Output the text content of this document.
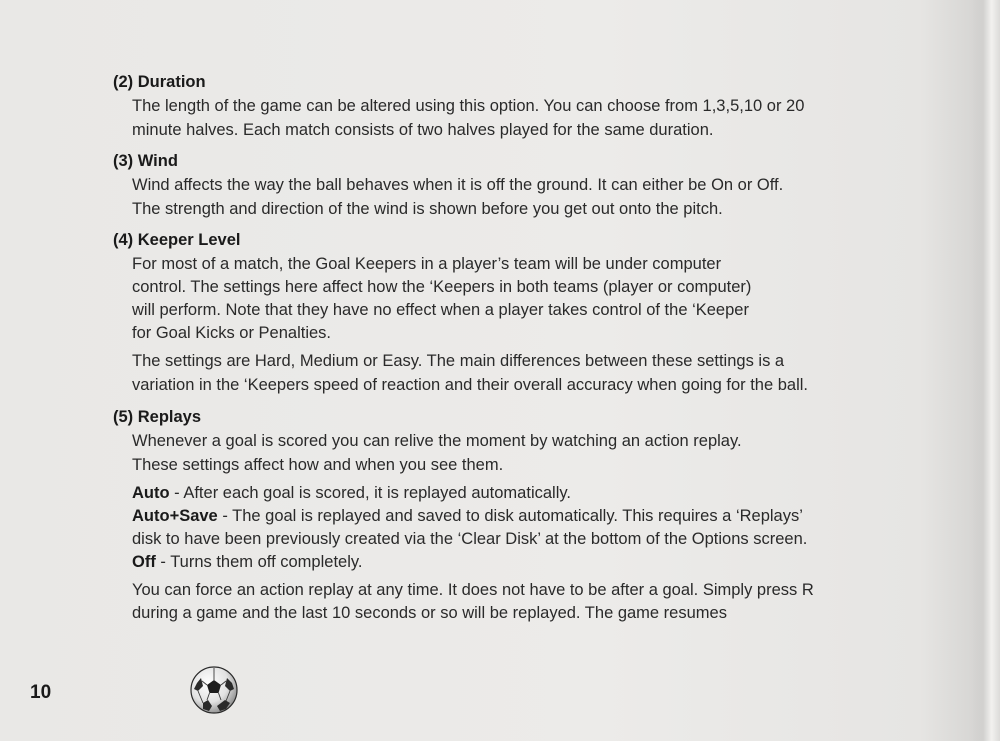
(2) Duration
The length of the game can be altered using this option. You can choose from 1,3,5,10 or 20
minute halves. Each match consists of two halves played for the same duration.
(3) Wind
Wind affects the way the ball behaves when it is off the ground. It can either be On or Off.
The strength and direction of the wind is shown before you get out onto the pitch.
(4) Keeper Level
For most of a match, the Goal Keepers in a player’s team will be under computer
control. The settings here affect how the ‘Keepers in both teams (player or computer)
will perform. Note that they have no effect when a player takes control of the ‘Keeper
for Goal Kicks or Penalties.
The settings are Hard, Medium or Easy. The main differences between these settings is a
variation in the ‘Keepers speed of reaction and their overall accuracy when going for the ball.
(5) Replays
Whenever a goal is scored you can relive the moment by watching an action replay.
These settings affect how and when you see them.
Auto - After each goal is scored, it is replayed automatically.
Auto+Save - The goal is replayed and saved to disk automatically. This requires a ‘Replays’
disk to have been previously created via the ‘Clear Disk’ at the bottom of the Options screen.
Off - Turns them off completely.
You can force an action replay at any time. It does not have to be after a goal. Simply press R
during a game and the last 10 seconds or so will be replayed. The game resumes
10
